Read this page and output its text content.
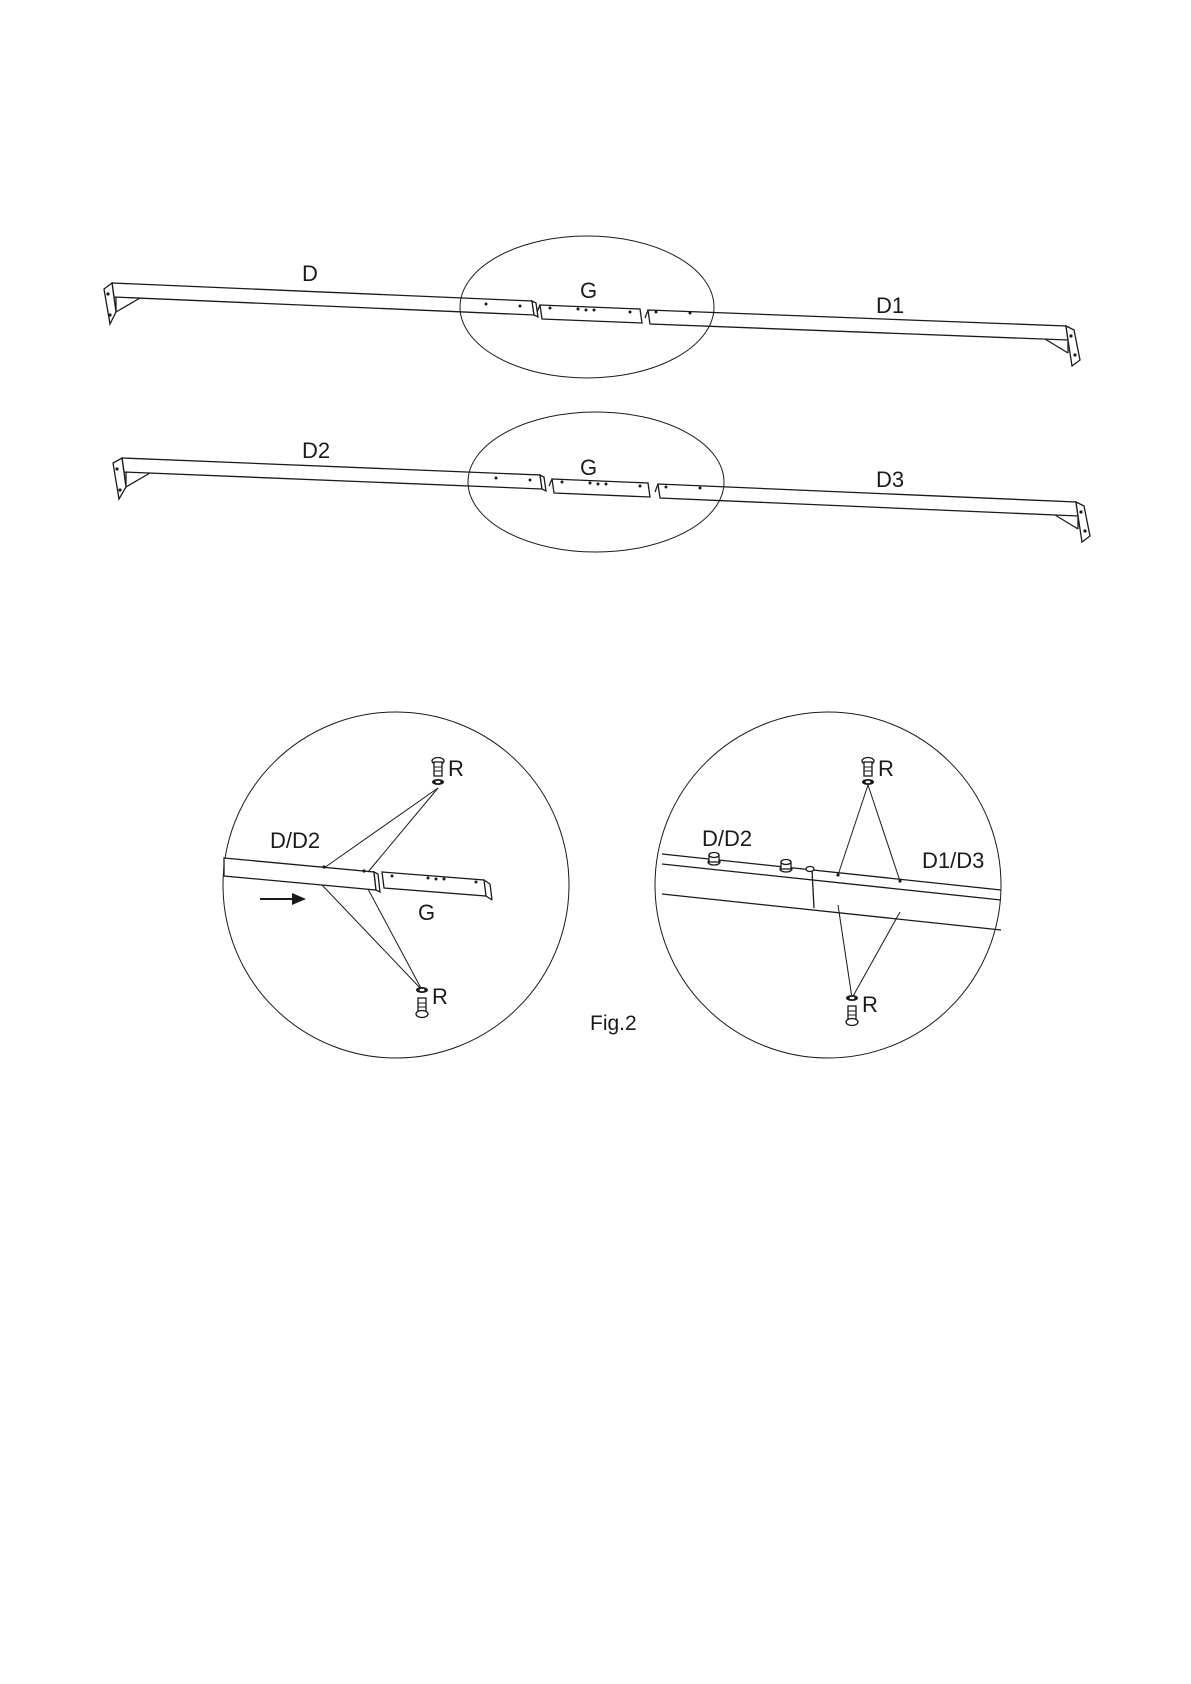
D
G
D1
D2
G	D3
R
R
D/D2
G
R
R
D/D2
D1/D3
Fig.2
